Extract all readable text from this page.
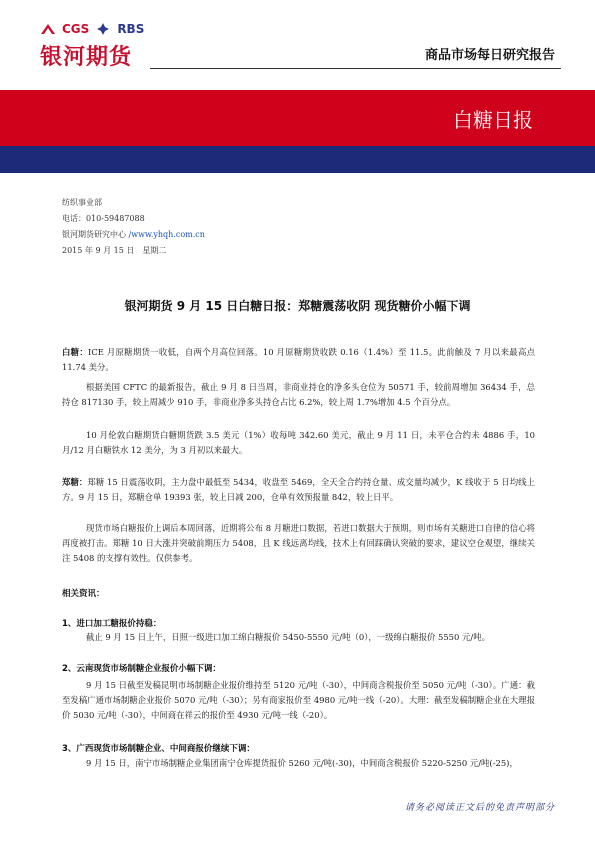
CGS RBS
银河期货	商品市场每日研究报告
白糖日报
纺织事业部
电话：010-59487088
银河期货研究中心 /www.yhqh.com.cn
2015 年 9 月 15 日　星期二
银河期货 9 月 15 日白糖日报：郑糖震荡收阴 现货糖价小幅下调
白糖：ICE 月原糖期货一收低，自两个月高位回落。10 月原糖期货收跌 0.16（1.4%）至 11.5。此前触及 7 月以来最高点 11.74 美分。
根据美国 CFTC 的最新报告，截止 9 月 8 日当周，非商业持仓的净多头仓位为 50571 手，较前周增加 36434 手，总持仓 817130 手，较上周减少 910 手，非商业净多头持仓占比 6.2%，较上周 1.7%增加 4.5 个百分点。
10 月伦敦白糖期货白糖期货跌 3.5 美元（1%）收每吨 342.60 美元，截止 9 月 11 日，未平仓合约未 4886 手，10 月/12 月白糖铁水 12 美分，为 3 月初以来最大。
郑糖：郑糖 15 日震荡收阴，主力盘中最低至 5434，收盘至 5469，全天全合约持仓量、成交量均减少，K 线收于 5 日均线上方。9 月 15 日，郑糖仓单 19393 张，较上日减 200，仓单有效预报量 842，较上日平。
现货市场白糖报价上调后本周回落，近期将公布 8 月糖进口数据，若进口数据大于预期，则市场有关糖进口自律的信心将再度被打击。郑糖 10 日大涨并突破前期压力 5408，且 K 线远离均线，技术上有回踩确认突破的要求，建议空仓观望，继续关注 5408 的支撑有效性。仅供参考。
相关资讯：
1、进口加工糖报价持稳：
截止 9 月 15 日上午，日照一级进口加工绵白糖报价 5450-5550 元/吨（0），一级绵白糖报价 5550 元/吨。
2、云南现货市场制糖企业报价小幅下调：
9 月 15 日截至发稿昆明市场制糖企业报价维持至 5120 元/吨（-30），中间商含税报价至 5050 元/吨（-30）。广通：截至发稿广通市场制糖企业报价 5070 元/吨（-30）；另有商家报价至 4980 元/吨一线（-20）。大理：截至发稿制糖企业在大理报价 5030 元/吨（-30），中间商在祥云的报价至 4930 元/吨一线（-20）。
3、广西现货市场制糖企业、中间商报价继续下调：
9 月 15 日，南宁市场制糖企业集团南宁仓库提货报价 5260 元/吨(-30)，中间商含税报价 5220-5250 元/吨(-25)，
请务必阅读正文后的免责声明部分
